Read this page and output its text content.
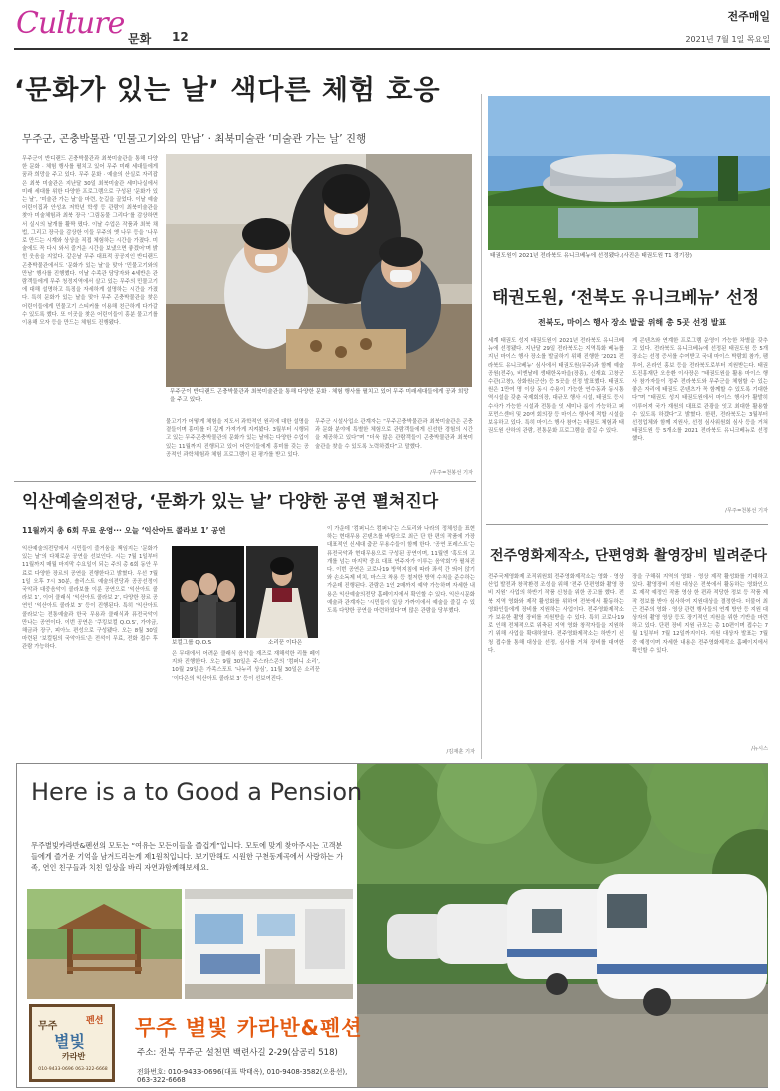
Culture 문화 12
전주매일
2021년 7월 1일 목요일
‘문화가 있는 날’ 색다른 체험 호응
무주군, 곤충박물관 ‘민물고기와의 만남’ · 최북미술관 ‘미술관 가는 날’ 진행
무주군이 반디랜드 곤충박물관과 최북미술관을 통해 다양한 문화 · 체험 행사를 펼치고 있어 무주 미래 세대들에게 꿈과 희망을 주고 있다. 무주 문화 · 예술의 산실로 자리잡은 최북 미술관은 지난달 30일 최북미술관 세미나실에서 미래 세대를 위한 다양한 프로그램으로 구성된 ‘문화가 있는 날’, ‘미술관 가는 날’을 마련, 눈길을 끌었다. 이날 예술어린이집과 안성초 저학년 학생 등 관람이 최북미술관을 찾아 미술체험과 최북 장극 ‘그림동물 그리다’를 감상하면서 실시의 날개를 활짝 폈다. 이날 수업은 작품과 최북 채법, 그리고 장극을 감상한 이들 무주의 옛 나무 등을 ‘나무로 만드는 시계와 상상을 직접 체험하는 시간을 가졌다. 미술에도 꼭 다시 와서 즐거운 시간을 보냈으면 좋겠어’며 밝힌 웃음을 지었다. 같은날 무주 대표적 공공지인 반디랜드 곤충박물관에서도 ‘문화가 있는 날’을 맞아 ‘민물고기와의 만남’ 행사를 진행했다. 이날 수족관 담당자와 4세반은 관람객들에게 무주 청정지역에서 살고 있는 무주의 민물고기에 대해 설명하고 특징을 자세하게 설명하는 시간을 가졌다. 특히 문화가 있는 날을 맞아 무주 곤충박물관을 찾은 어린이들에게 민물고기 스티커를 이용해 친근하게 다가갈 수 있도록 했다. 또 이곳을 찾은 어린이들이 흥분 물고기를 이용해 모자 등을 만드는 체험도 진행됐다.
무주군이 반디랜드 곤충박물관과 최북미술관을 통해 다양한 문화 · 체험 행사를 펼치고 있어 무주 미래세대들에게 공과 희망을 주고 있다.
물고기가 어떻게 체험을 지도서 과학적인 원리에 대한 설명을 곁들이며 흥미를 더 깊게 가져가게 지켜봤다. 3월부터 시행되고 있는 무주곤충박물관의 문화가 있는 날에는 다양한 수업이 있는 11월까지 진행되고 있어 어린이들에게 흥미를 갖는 공공적인 과학체험과 체험 프로그램이 된 평가를 받고 있다.
무주군 시설사업소 관계자는 “무주곤충박물관과 최북미술관은 곤충과 문화 분야에 특별한 체험으로 관람객들에게 신선한 경험의 시간을 제공하고 있다”며 “더욱 많은 관람객들이 곤충박물관과 최북미술관을 찾을 수 있도록 노력하겠다”고 말했다.
/무주=천봉선 기자
태권도원이 2021년 전라북도 유니크베뉴에 선정됐다.(사진은 태권도원 T1 경기장)
태권도원, ‘전북도 유니크베뉴’ 선정
전북도, 마이스 행사 장소 발굴 위해 총 5곳 선정 발표
세계 태권도 성지 태권도원이 2021년 전라북도 유니크베뉴에 선정됐다. 지난달 29일 전라북도는 지역특화 베뉴를 지닌 마이스 행사 장소를 발굴하기 위해 진행한 ‘2021 전라북도 유니크베뉴’ 심사에서 태권도원(무주)과 함께 예술공원(전주), 비엔날레 생태한옥마을(장흥), 신재효 고창군수관(고창), 상화원(군산) 등 5곳을 선정 발표했다. 태권도원은 1만여 명 이상 동시 수용이 가능한 연수동과 동시통역시설을 갖춘 국제회의장, 대규모 행사 시설, 태권도 등시 수사가 가능한 시설과 전통을 잇 세미나 룸이 가능하고 퍼포먼스센터 및 20여 회의장 등 마이스 행사에 적합 시설을 보유하고 있다. 특히 마이스 행사 참여는 태권도 체험과 태권도원 산하의 관람, 전통문화 프로그램을 즐길 수 있다.
게 콘텐츠와 연계한 프로그램 운영이 가능한 차별을 갖추고 있다. 전라북도 유니크베뉴에 선정된 태권도원 등 5개 장소는 선정 증서를 수여받고 국내 마이스 박람회 참가, 팸투어, 온라인 홍보 등을 전라북도로부터 지원받는다. 태권도진흥재단 오응환 이사장은 “태권도원을 활용 마이스 행사 참가자들이 정주 전라북도와 무주군을 체험할 수 있는 좋은 자리에 태권도 콘텐츠가 꼭 함께할 수 있도록 기대한다”며 “태권도 성지 태권도원에서 마이스 행사가 활발히 이루어져 국가 재원의 대표로 관광을 잇고 최대한 활용할 수 있도록 하겠다”고 밝혔다. 한편, 전라북도는 3월부터 선정업체와 함께 지원사, 선정 심사위원회 심사 등을 거쳐 태권도원 등 5개소를 2021 전라북도 유니크베뉴로 선정했다.
/무주=천봉선 기자
익산예술의전당, ‘문화가 있는 날’ 다양한 공연 펼쳐진다
11월까지 총 6회 무료 운영··· 오늘 ‘익산아트 콜라보 1’ 공연
익산예술의전당에서 시민들이 즐거움을 책임지는 ‘문화가 있는 날’의 다채로운 공연을 선보인다. 시는 7월 1일부터 11월까지 매월 마지막 수요일이 되는 주의 총 6회 동안 무료로 다양한 장르의 공연을 진행한다고 밝혔다. 우선 7월 1일 오후 7시 30분, 솔리스트 예술의전당과 공공선정이 국악과 대중음악이 콜라보를 이룬 공연으로 ‘익산아트 콜라보 1’, 이어 클래식 ‘익산아트 콜라보 2’, 다양한 장르 공연인 ‘익산아트 콜라보 3’ 등이 진행된다. 특히 ‘익산아트 콜라보’는 전통예술과 한국 무용과 클래식과 퓨전국악이 만나는 공연이다. 이번 공연은 ‘쿠킹보컬 Q.O.S’, 가야금, 해금과 장구, 피아노 편성으로 구성됐다. 오는 8월 30일 마련된 ‘보컬팀의 국악아트’은 전석이 무료, 전화 접수 후 관람 가능하다.
보컬그룹 Q.O.S	소리꾼 이다은
은 무대에서 어려운 클래식 음악을 재즈로 재해석한 리틀 페이지와 진행한다. 오는 9월 30일은 주스라스콘의 ‘컴퍼니 소리’, 10월 29일은 가족스포트 ‘나누리 상심’, 11월 30일은 소리꾼 ‘이다은의 익산아트 콜라보 3’ 등이 선보여진다.
이 가운데 ‘컴퍼니스 컴퍼니’는 스토리와 나라의 정체성을 표현하는 현대무용 콘텐츠를 바탕으로 최근 단 한 편의 작품에 가장 대표적인 신세대 춤꾼 무용수들이 함께 한다. ‘공연 포레스트’는 퓨전국악과 현대무용으로 구성된 공연이며, 11월엔 ‘혹도의 고개를 넘는 마지막 중요 대표 연주자가 이루는 음악회’가 펼쳐진다. 이번 공연은 코로나19 방역지침에 따라 좌석 간 띄어 앉기와 손소독제 비치, 마스크 착용 등 철저한 방역 수칙을 준수하는 가운데 진행된다. 관람은 1인 2매까지 예약 가능하며 자세한 내용은 익산예술의전당 홈페이지에서 확인할 수 있다. 익산시문화예술과 관계자는 ‘시민들이 일상 가까이에서 예술을 즐길 수 있도록 다양한 공연을 마련하였다’며 많은 관람을 당부했다.
/김재훈 기자
전주영화제작소, 단편영화 촬영장비 빌려준다
전주국제영화제 조직위원회 전주영화제작소는 영화 · 영상 산업 발전과 창작환경 조성을 위해 ‘전주 단편영화 촬영 장비 지원’ 사업의 하반기 작품 신청을 위한 공고를 했다. 전북 지역 영화와 제작 활성화를 위하여 전북에서 활동하는 영화인들에게 장비를 지원하는 사업이다. 전주영화제작소가 보유한 촬영 장비를 지원받을 수 있다. 특히 코로나19로 인해 전체적으로 위축된 지역 영화 창작자들을 지원하기 위해 사업을 확대하였다. 전주영화제작소는 하반기 신청 접수를 통해 대상을 선정, 심사를 거쳐 장비를 대여한다.
장을 구해줘 지역의 영화 · 영상 제작 활성화를 기대하고 있다. 촬영장비 지원 대상은 전북에서 활동하는 영화인으로 제작 예정인 작품 영상 한 편과 적당한 정보 등 작품 제작 정보를 받아 심사하여 지원대상을 결정한다. 더불어 최근 전주의 영화 · 영상 관련 행사들의 연계 방안 등 지원 대상자의 촬영 영상 등도 장기적인 지원을 위한 기반을 마련하고 있다. 단편 장비 지원 규모는 총 10편이며 접수는 7월 1일부터 7월 12일까지이다. 지원 대상자 발표는 7월 중 예정이며 자세한 내용은 전주영화제작소 홈페이지에서 확인할 수 있다.
/뉴시스
Here is a to Good a Pension
무주별빛카라반&펜션의 모토는 “여유는 모든이들을 즐겁게”입니다. 모토에 맞게 찾아주시는 고객분들에게 즐거운 기억을 남겨드리는게 제1원칙입니다. 보기만해도 시원한 구천동계곡에서 사랑하는 가족, 연인 친구들과 치친 일상을 바리 자연과함께해보세요.
무주
별빛
펜션
카라반
010-9433-0696 063-322-6668
무주 별빛 카라반&펜션
주소: 전북 무주군 설천면 백련사길 2-29(삼공리 518)
전화번호: 010-9433-0696(대표 박태옥), 010-9408-3582(오용선), 063-322-6668
